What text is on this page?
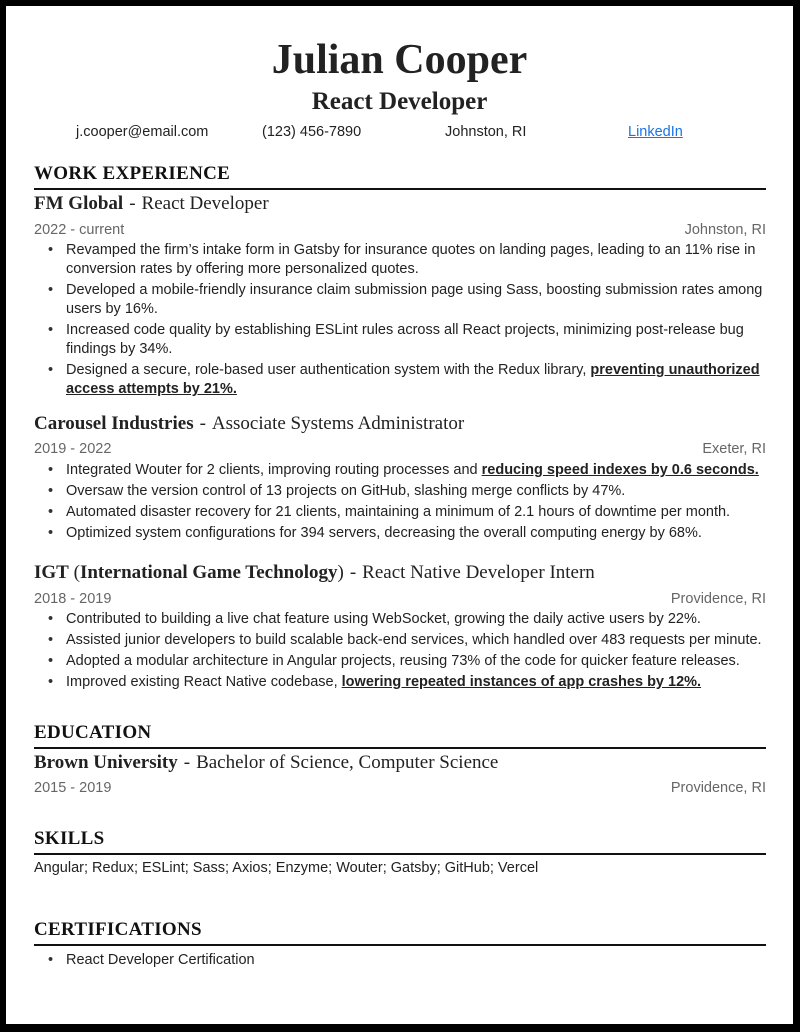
Julian Cooper
React Developer
j.cooper@email.com	(123) 456-7890	Johnston, RI	LinkedIn
WORK EXPERIENCE
FM Global - React Developer
2022 - current	Johnston, RI
• Revamped the firm’s intake form in Gatsby for insurance quotes on landing pages, leading to an 11% rise in conversion rates by offering more personalized quotes.
• Developed a mobile-friendly insurance claim submission page using Sass, boosting submission rates among users by 16%.
• Increased code quality by establishing ESLint rules across all React projects, minimizing post-release bug findings by 34%.
• Designed a secure, role-based user authentication system with the Redux library, preventing unauthorized access attempts by 21%.
Carousel Industries - Associate Systems Administrator
2019 - 2022	Exeter, RI
• Integrated Wouter for 2 clients, improving routing processes and reducing speed indexes by 0.6 seconds.
• Oversaw the version control of 13 projects on GitHub, slashing merge conflicts by 47%.
• Automated disaster recovery for 21 clients, maintaining a minimum of 2.1 hours of downtime per month.
• Optimized system configurations for 394 servers, decreasing the overall computing energy by 68%.
IGT (International Game Technology) - React Native Developer Intern
2018 - 2019	Providence, RI
• Contributed to building a live chat feature using WebSocket, growing the daily active users by 22%.
• Assisted junior developers to build scalable back-end services, which handled over 483 requests per minute.
• Adopted a modular architecture in Angular projects, reusing 73% of the code for quicker feature releases.
• Improved existing React Native codebase, lowering repeated instances of app crashes by 12%.
EDUCATION
Brown University - Bachelor of Science, Computer Science
2015 - 2019	Providence, RI
SKILLS
Angular; Redux; ESLint; Sass; Axios; Enzyme; Wouter; Gatsby; GitHub; Vercel
CERTIFICATIONS
• React Developer Certification
